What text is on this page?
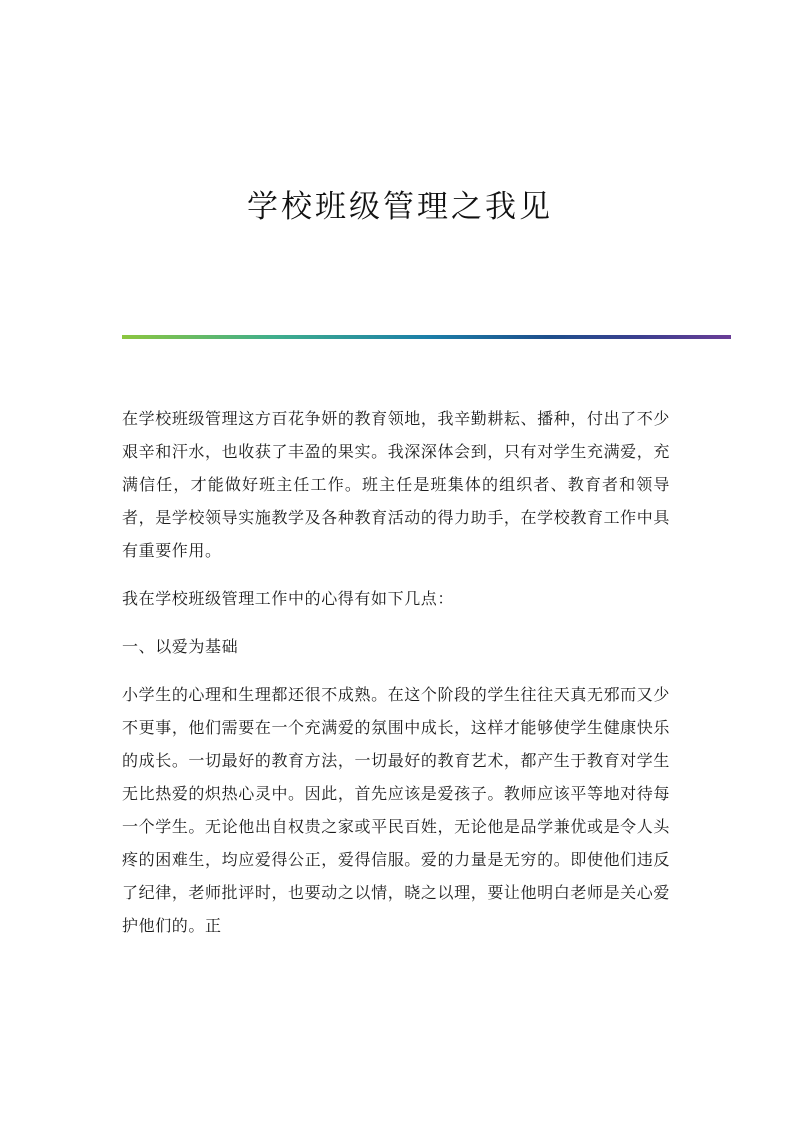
学校班级管理之我见

在学校班级管理这方百花争妍的教育领地，我辛勤耕耘、播种，付出了不少艰辛和汗水，也收获了丰盈的果实。我深深体会到，只有对学生充满爱，充满信任，才能做好班主任工作。班主任是班集体的组织者、教育者和领导者，是学校领导实施教学及各种教育活动的得力助手，在学校教育工作中具有重要作用。

我在学校班级管理工作中的心得有如下几点：

一、以爱为基础

小学生的心理和生理都还很不成熟。在这个阶段的学生往往天真无邪而又少不更事，他们需要在一个充满爱的氛围中成长，这样才能够使学生健康快乐的成长。一切最好的教育方法，一切最好的教育艺术，都产生于教育对学生无比热爱的炽热心灵中。因此，首先应该是爱孩子。教师应该平等地对待每一个学生。无论他出自权贵之家或平民百姓，无论他是品学兼优或是令人头疼的困难生，均应爱得公正，爱得信服。爱的力量是无穷的。即使他们违反了纪律，老师批评时，也要动之以情，晓之以理，要让他明白老师是关心爱护他们的。正
